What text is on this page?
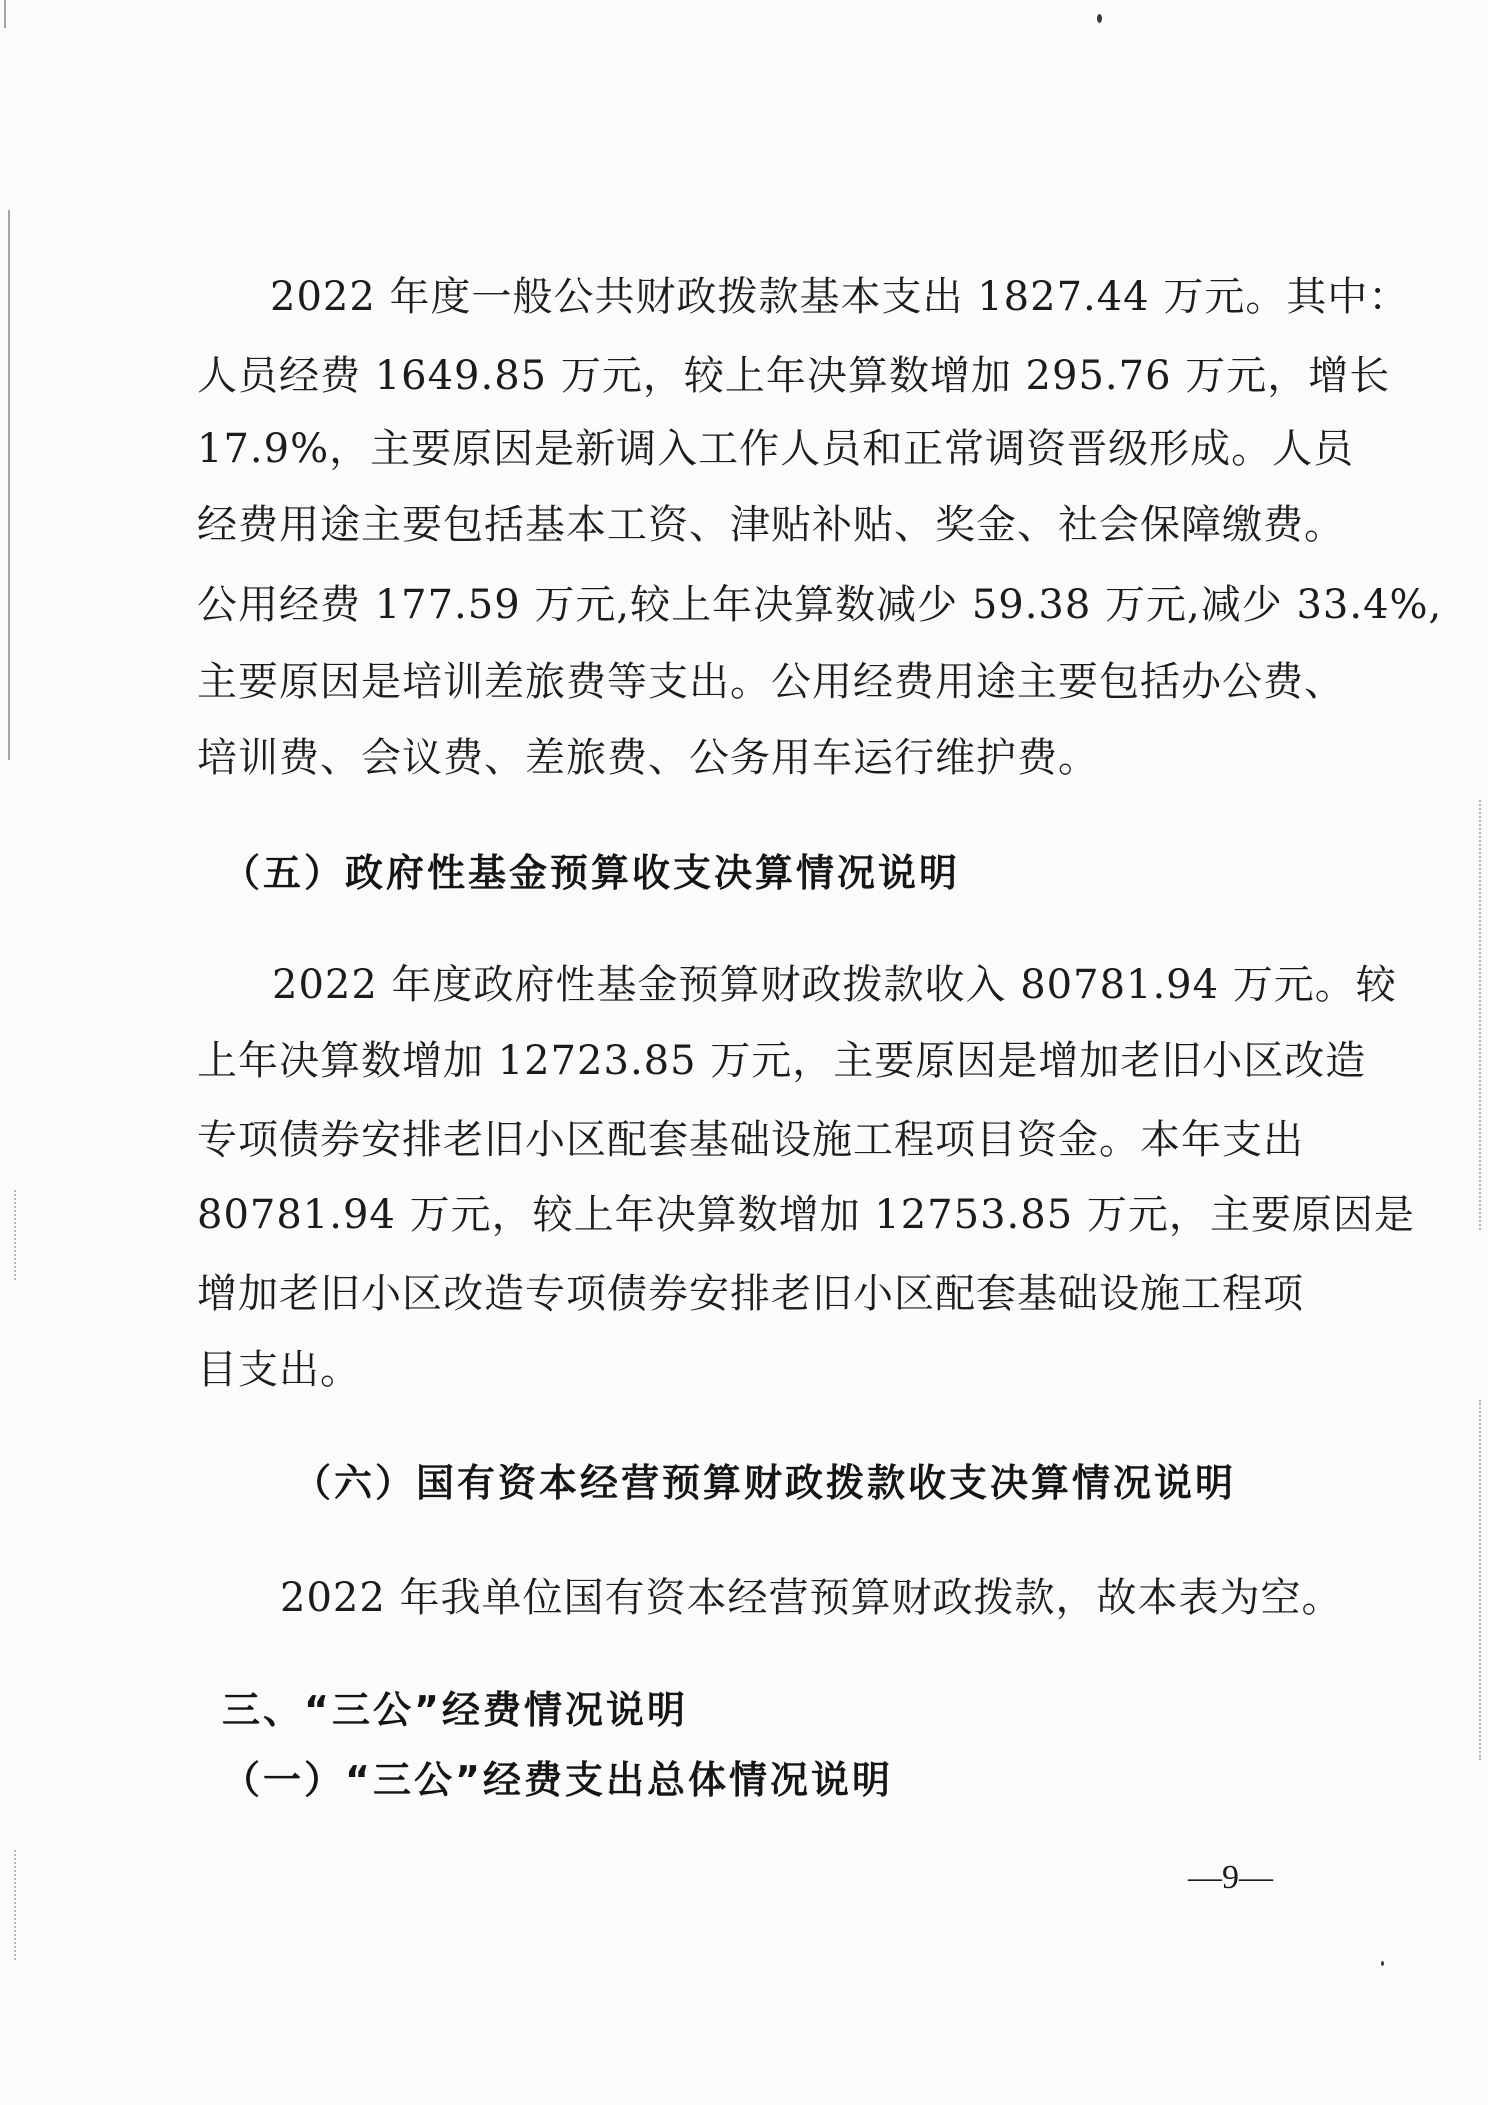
2022 年度一般公共财政拨款基本支出 1827.44 万元。其中：
人员经费 1649.85 万元，较上年决算数增加 295.76 万元，增长
17.9%，主要原因是新调入工作人员和正常调资晋级形成。人员
经费用途主要包括基本工资、津贴补贴、奖金、社会保障缴费。
公用经费 177.59 万元,较上年决算数减少 59.38 万元,减少 33.4%,
主要原因是培训差旅费等支出。公用经费用途主要包括办公费、
培训费、会议费、差旅费、公务用车运行维护费。
（五）政府性基金预算收支决算情况说明
2022 年度政府性基金预算财政拨款收入 80781.94 万元。较
上年决算数增加 12723.85 万元，主要原因是增加老旧小区改造
专项债券安排老旧小区配套基础设施工程项目资金。本年支出
80781.94 万元，较上年决算数增加 12753.85 万元，主要原因是
增加老旧小区改造专项债券安排老旧小区配套基础设施工程项
目支出。
（六）国有资本经营预算财政拨款收支决算情况说明
2022 年我单位国有资本经营预算财政拨款，故本表为空。
三、“三公”经费情况说明
（一）“三公”经费支出总体情况说明
—9—
